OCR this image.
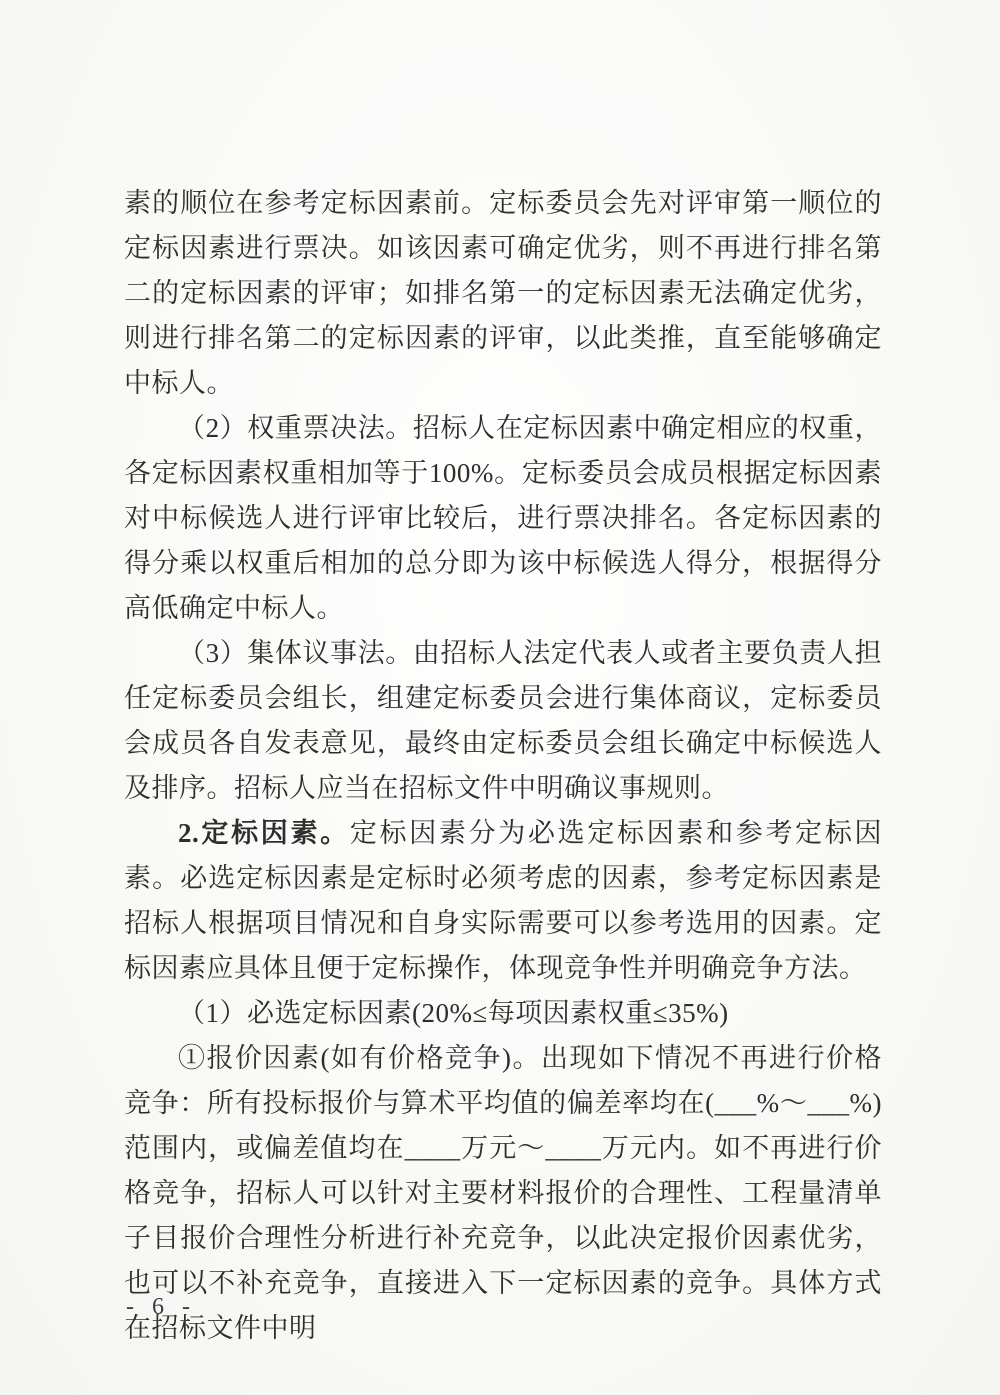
素的顺位在参考定标因素前。定标委员会先对评审第一顺位的定标因素进行票决。如该因素可确定优劣，则不再进行排名第二的定标因素的评审；如排名第一的定标因素无法确定优劣，则进行排名第二的定标因素的评审，以此类推，直至能够确定中标人。

（2）权重票决法。招标人在定标因素中确定相应的权重，各定标因素权重相加等于100%。定标委员会成员根据定标因素对中标候选人进行评审比较后，进行票决排名。各定标因素的得分乘以权重后相加的总分即为该中标候选人得分，根据得分高低确定中标人。

（3）集体议事法。由招标人法定代表人或者主要负责人担任定标委员会组长，组建定标委员会进行集体商议，定标委员会成员各自发表意见，最终由定标委员会组长确定中标候选人及排序。招标人应当在招标文件中明确议事规则。

2.定标因素。定标因素分为必选定标因素和参考定标因素。必选定标因素是定标时必须考虑的因素，参考定标因素是招标人根据项目情况和自身实际需要可以参考选用的因素。定标因素应具体且便于定标操作，体现竞争性并明确竞争方法。

（1）必选定标因素(20%≤每项因素权重≤35%)

①报价因素(如有价格竞争)。出现如下情况不再进行价格竞争：所有投标报价与算术平均值的偏差率均在(___%～___%)范围内，或偏差值均在____万元～____万元内。如不再进行价格竞争，招标人可以针对主要材料报价的合理性、工程量清单子目报价合理性分析进行补充竞争，以此决定报价因素优劣，也可以不补充竞争，直接进入下一定标因素的竞争。具体方式在招标文件中明

- 6 -
